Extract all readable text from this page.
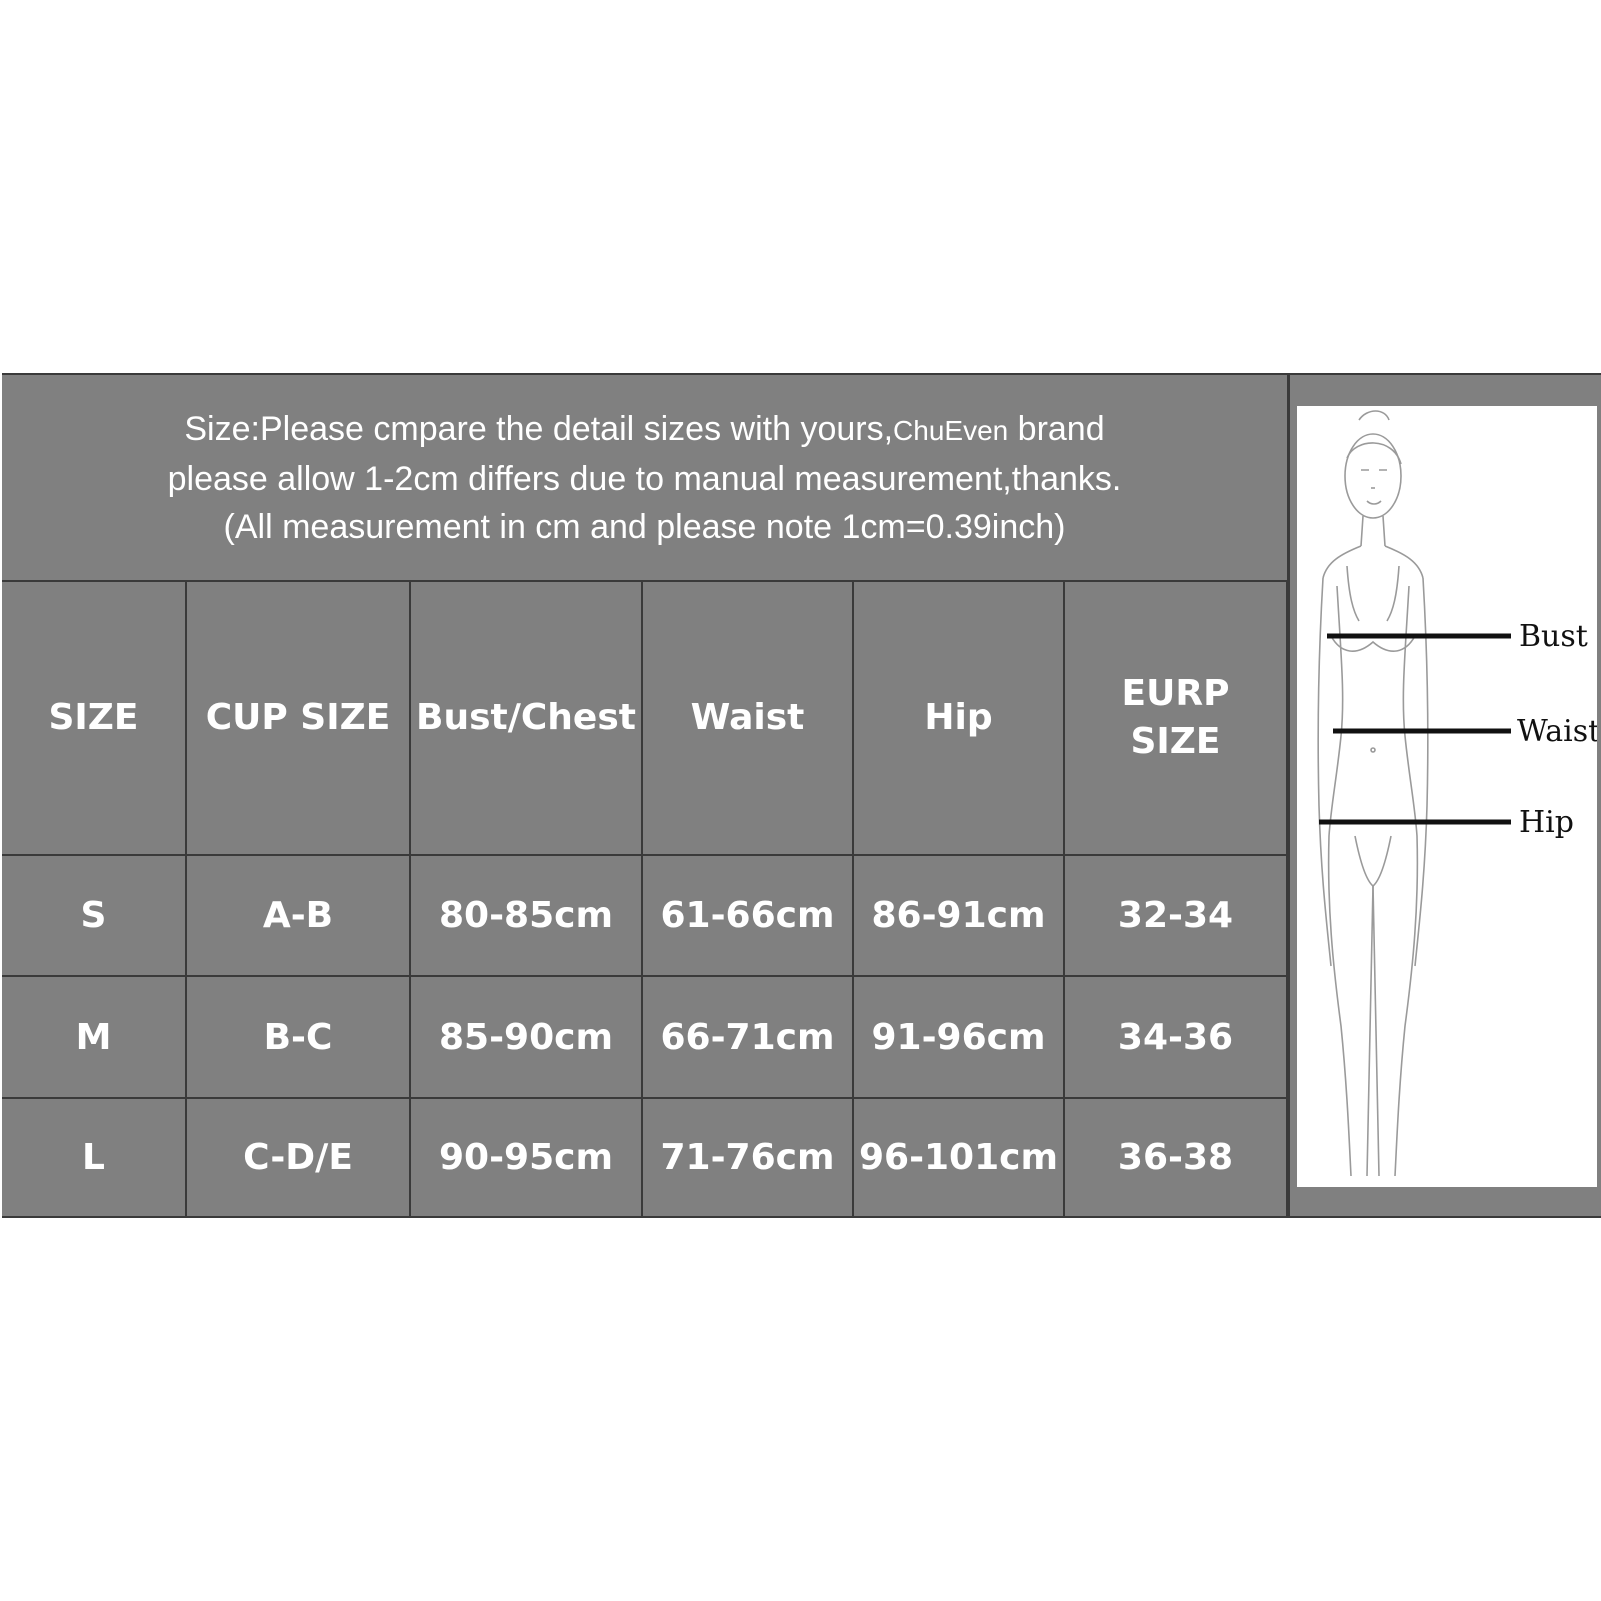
Size:Please cmpare the detail sizes with yours,ChuEven brand
please allow 1-2cm differs due to manual measurement,thanks.
(All measurement in cm and please note 1cm=0.39inch)
SIZE	CUP SIZE	Bust/Chest	Waist	Hip	EURP
SIZE
S	A-B	80-85cm	61-66cm	86-91cm	32-34
M	B-C	85-90cm	66-71cm	91-96cm	34-36
L	C-D/E	90-95cm	71-76cm	96-101cm	36-38
Bust
Waist
Hip
